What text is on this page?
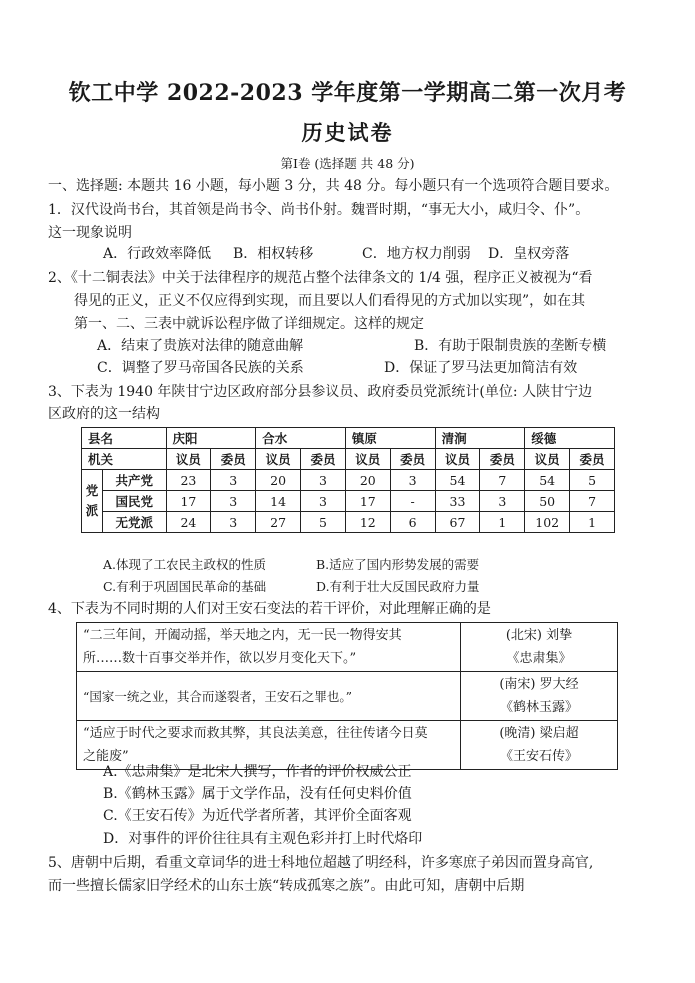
钦工中学 2022-2023 学年度第一学期高二第一次月考
历史试卷
第Ⅰ卷 (选择题 共 48 分)
一、选择题: 本题共 16 小题，每小题 3 分，共 48 分。每小题只有一个选项符合题目要求。
1．汉代设尚书台，其首领是尚书令、尚书仆射。魏晋时期，“事无大小，咸归令、仆”。
这一现象说明
A．行政效率降低 B．相权转移	C．地方权力削弱 D．皇权旁落
2、《十二铜表法》中关于法律程序的规范占整个法律条文的 1/4 强，程序正义被视为“看
得见的正义，正义不仅应得到实现，而且要以人们看得见的方式加以实现”，如在其
第一、二、三表中就诉讼程序做了详细规定。这样的规定
A．结束了贵族对法律的随意曲解	B．有助于限制贵族的垄断专横
C．调整了罗马帝国各民族的关系	D．保证了罗马法更加简洁有效
3、下表为 1940 年陕甘宁边区政府部分县参议员、政府委员党派统计(单位: 人陕甘宁边
区政府的这一结构
县名		庆阳		合水		镇原		清涧		绥德	
机关		议员	委员	议员	委员	议员	委员	议员	委员	议员	委员
党
派	共产党	23	3	20	3	20	3	54	7	54	5
	国民党	17	3	14	3	17	-	33	3	50	7
	无党派	24	3	27	5	12	6	67	1	102	1
A.体现了工农民主政权的性质	B.适应了国内形势发展的需要
C.有利于巩固国民革命的基础	D.有利于壮大反国民政府力量
4、下表为不同时期的人们对王安石变法的若干评价，对此理解正确的是
“二三年间，开阖动摇，举天地之内，无一民一物得安其
所……数十百事交举并作，欲以岁月变化天下。”	(北宋) 刘挚
《忠肃集》
“国家一统之业，其合而遂裂者，王安石之罪也。”	(南宋) 罗大经
《鹤林玉露》
“适应于时代之要求而救其弊，其良法美意，往往传诸今日莫
之能废”	(晚清) 梁启超
《王安石传》
A.《忠肃集》是北宋人撰写，作者的评价权威公正
B.《鹤林玉露》属于文学作品，没有任何史料价值
C.《王安石传》为近代学者所著，其评价全面客观
D．对事件的评价往往具有主观色彩并打上时代烙印
5、唐朝中后期，看重文章词华的进士科地位超越了明经科，许多寒庶子弟因而置身高官,
而一些擅长儒家旧学经术的山东士族“转成孤寒之族”。由此可知，唐朝中后期
